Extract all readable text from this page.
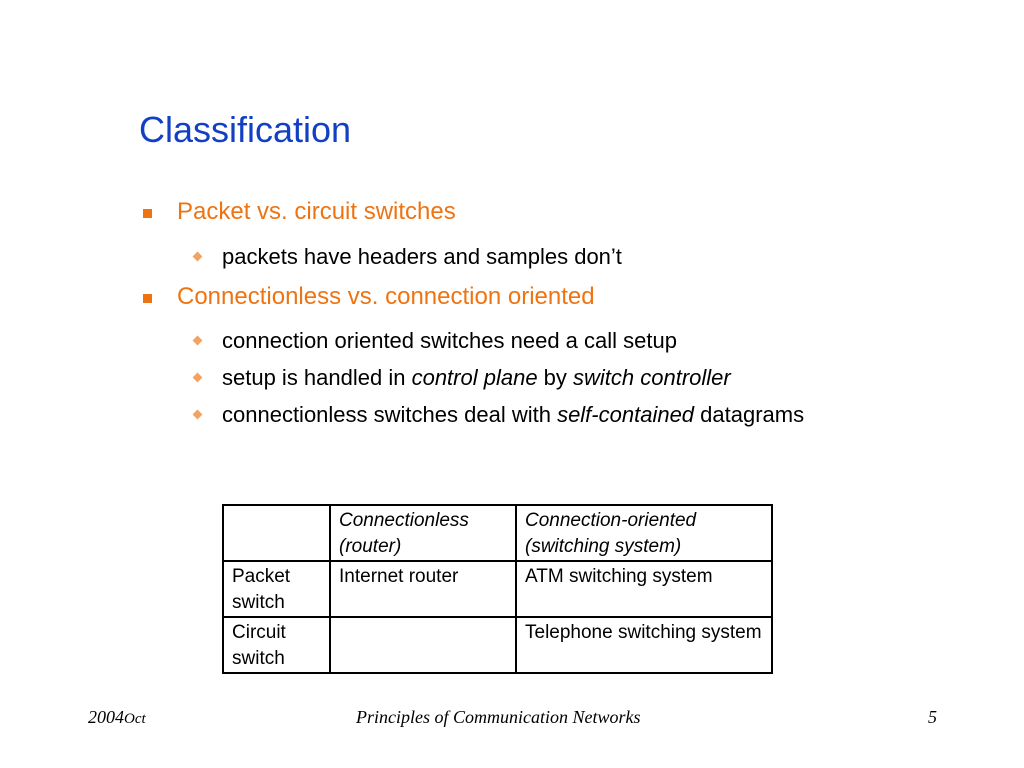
Classification
Packet vs. circuit switches
packets have headers and samples don’t
Connectionless vs. connection oriented
connection oriented switches need a call setup
setup is handled in control plane by switch controller
connectionless switches deal with self-contained datagrams
	Connectionless (router)	Connection-oriented (switching system)
Packet switch	Internet router	ATM switching system
Circuit switch		Telephone switching system
2004Oct	Principles of Communication Networks	5
